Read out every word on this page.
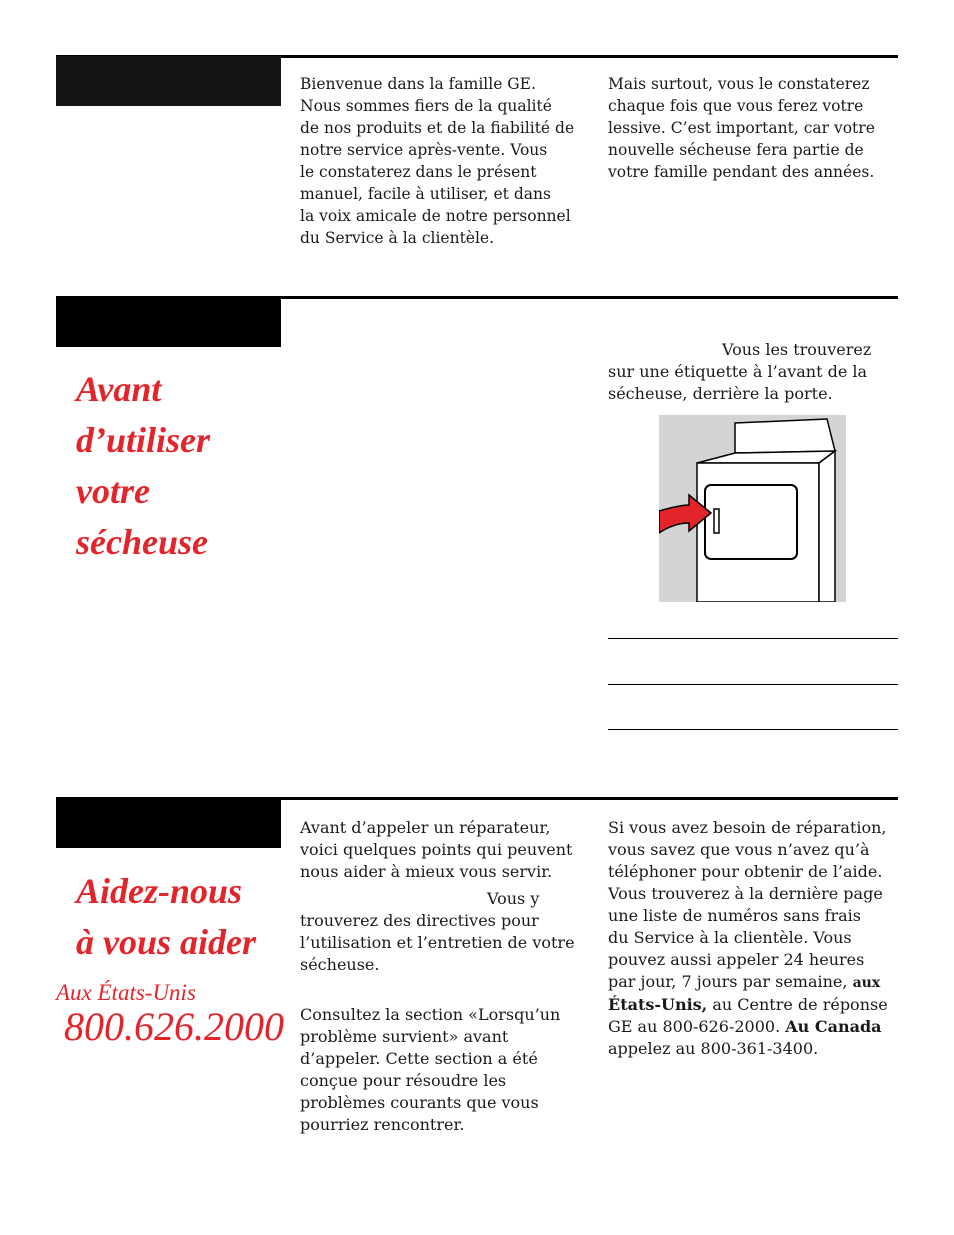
Bienvenue dans la famille GE.
Nous sommes fiers de la qualité
de nos produits et de la fiabilité de
notre service après-vente. Vous
le constaterez dans le présent
manuel, facile à utiliser, et dans
la voix amicale de notre personnel
du Service à la clientèle.

Mais surtout, vous le constaterez
chaque fois que vous ferez votre
lessive. C’est important, car votre
nouvelle sécheuse fera partie de
votre famille pendant des années.

Avant
d’utiliser
votre
sécheuse

Vous les trouverez

sur une étiquette à l’avant de la
sécheuse, derrière la porte.

Aidez-nous
à vous aider

Aux États-Unis

800.626.2000

Avant d’appeler un réparateur,
voici quelques points qui peuvent
nous aider à mieux vous servir.

Vous y

trouverez des directives pour
l’utilisation et l’entretien de votre
sécheuse.

Consultez la section «Lorsqu’un
problème survient» avant
d’appeler. Cette section a été
conçue pour résoudre les
problèmes courants que vous
pourriez rencontrer.

Si vous avez besoin de réparation,
vous savez que vous n’avez qu’à
téléphoner pour obtenir de l’aide.
Vous trouverez à la dernière page
une liste de numéros sans frais
du Service à la clientèle. Vous
pouvez aussi appeler 24 heures
par jour, 7 jours par semaine, aux
États-Unis, au Centre de réponse
GE au 800-626-2000. Au Canada
appelez au 800-361-3400.
